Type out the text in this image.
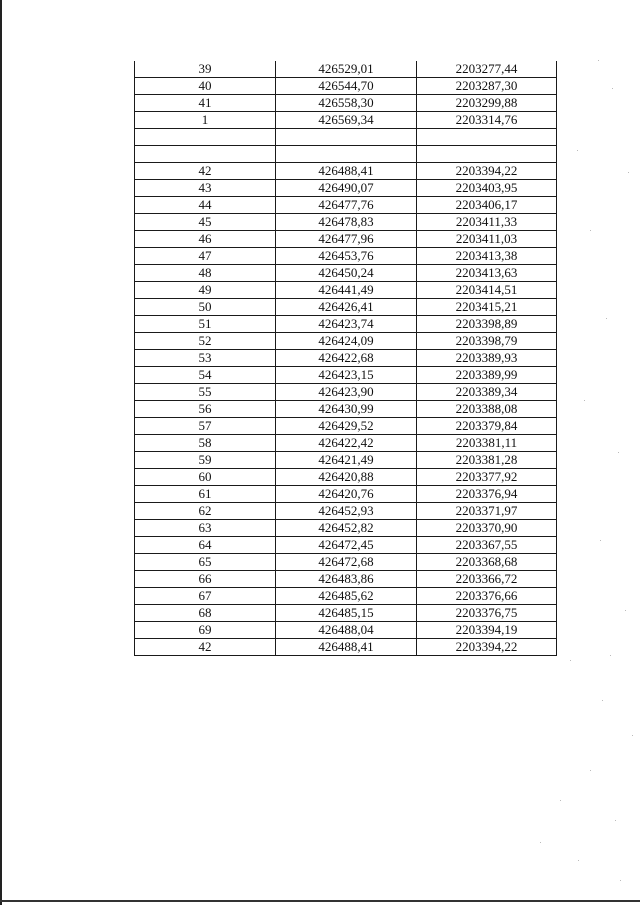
39	426529,01	2203277,44
40	426544,70	2203287,30
41	426558,30	2203299,88
1	426569,34	2203314,76

42	426488,41	2203394,22
43	426490,07	2203403,95
44	426477,76	2203406,17
45	426478,83	2203411,33
46	426477,96	2203411,03
47	426453,76	2203413,38
48	426450,24	2203413,63
49	426441,49	2203414,51
50	426426,41	2203415,21
51	426423,74	2203398,89
52	426424,09	2203398,79
53	426422,68	2203389,93
54	426423,15	2203389,99
55	426423,90	2203389,34
56	426430,99	2203388,08
57	426429,52	2203379,84
58	426422,42	2203381,11
59	426421,49	2203381,28
60	426420,88	2203377,92
61	426420,76	2203376,94
62	426452,93	2203371,97
63	426452,82	2203370,90
64	426472,45	2203367,55
65	426472,68	2203368,68
66	426483,86	2203366,72
67	426485,62	2203376,66
68	426485,15	2203376,75
69	426488,04	2203394,19
42	426488,41	2203394,22
